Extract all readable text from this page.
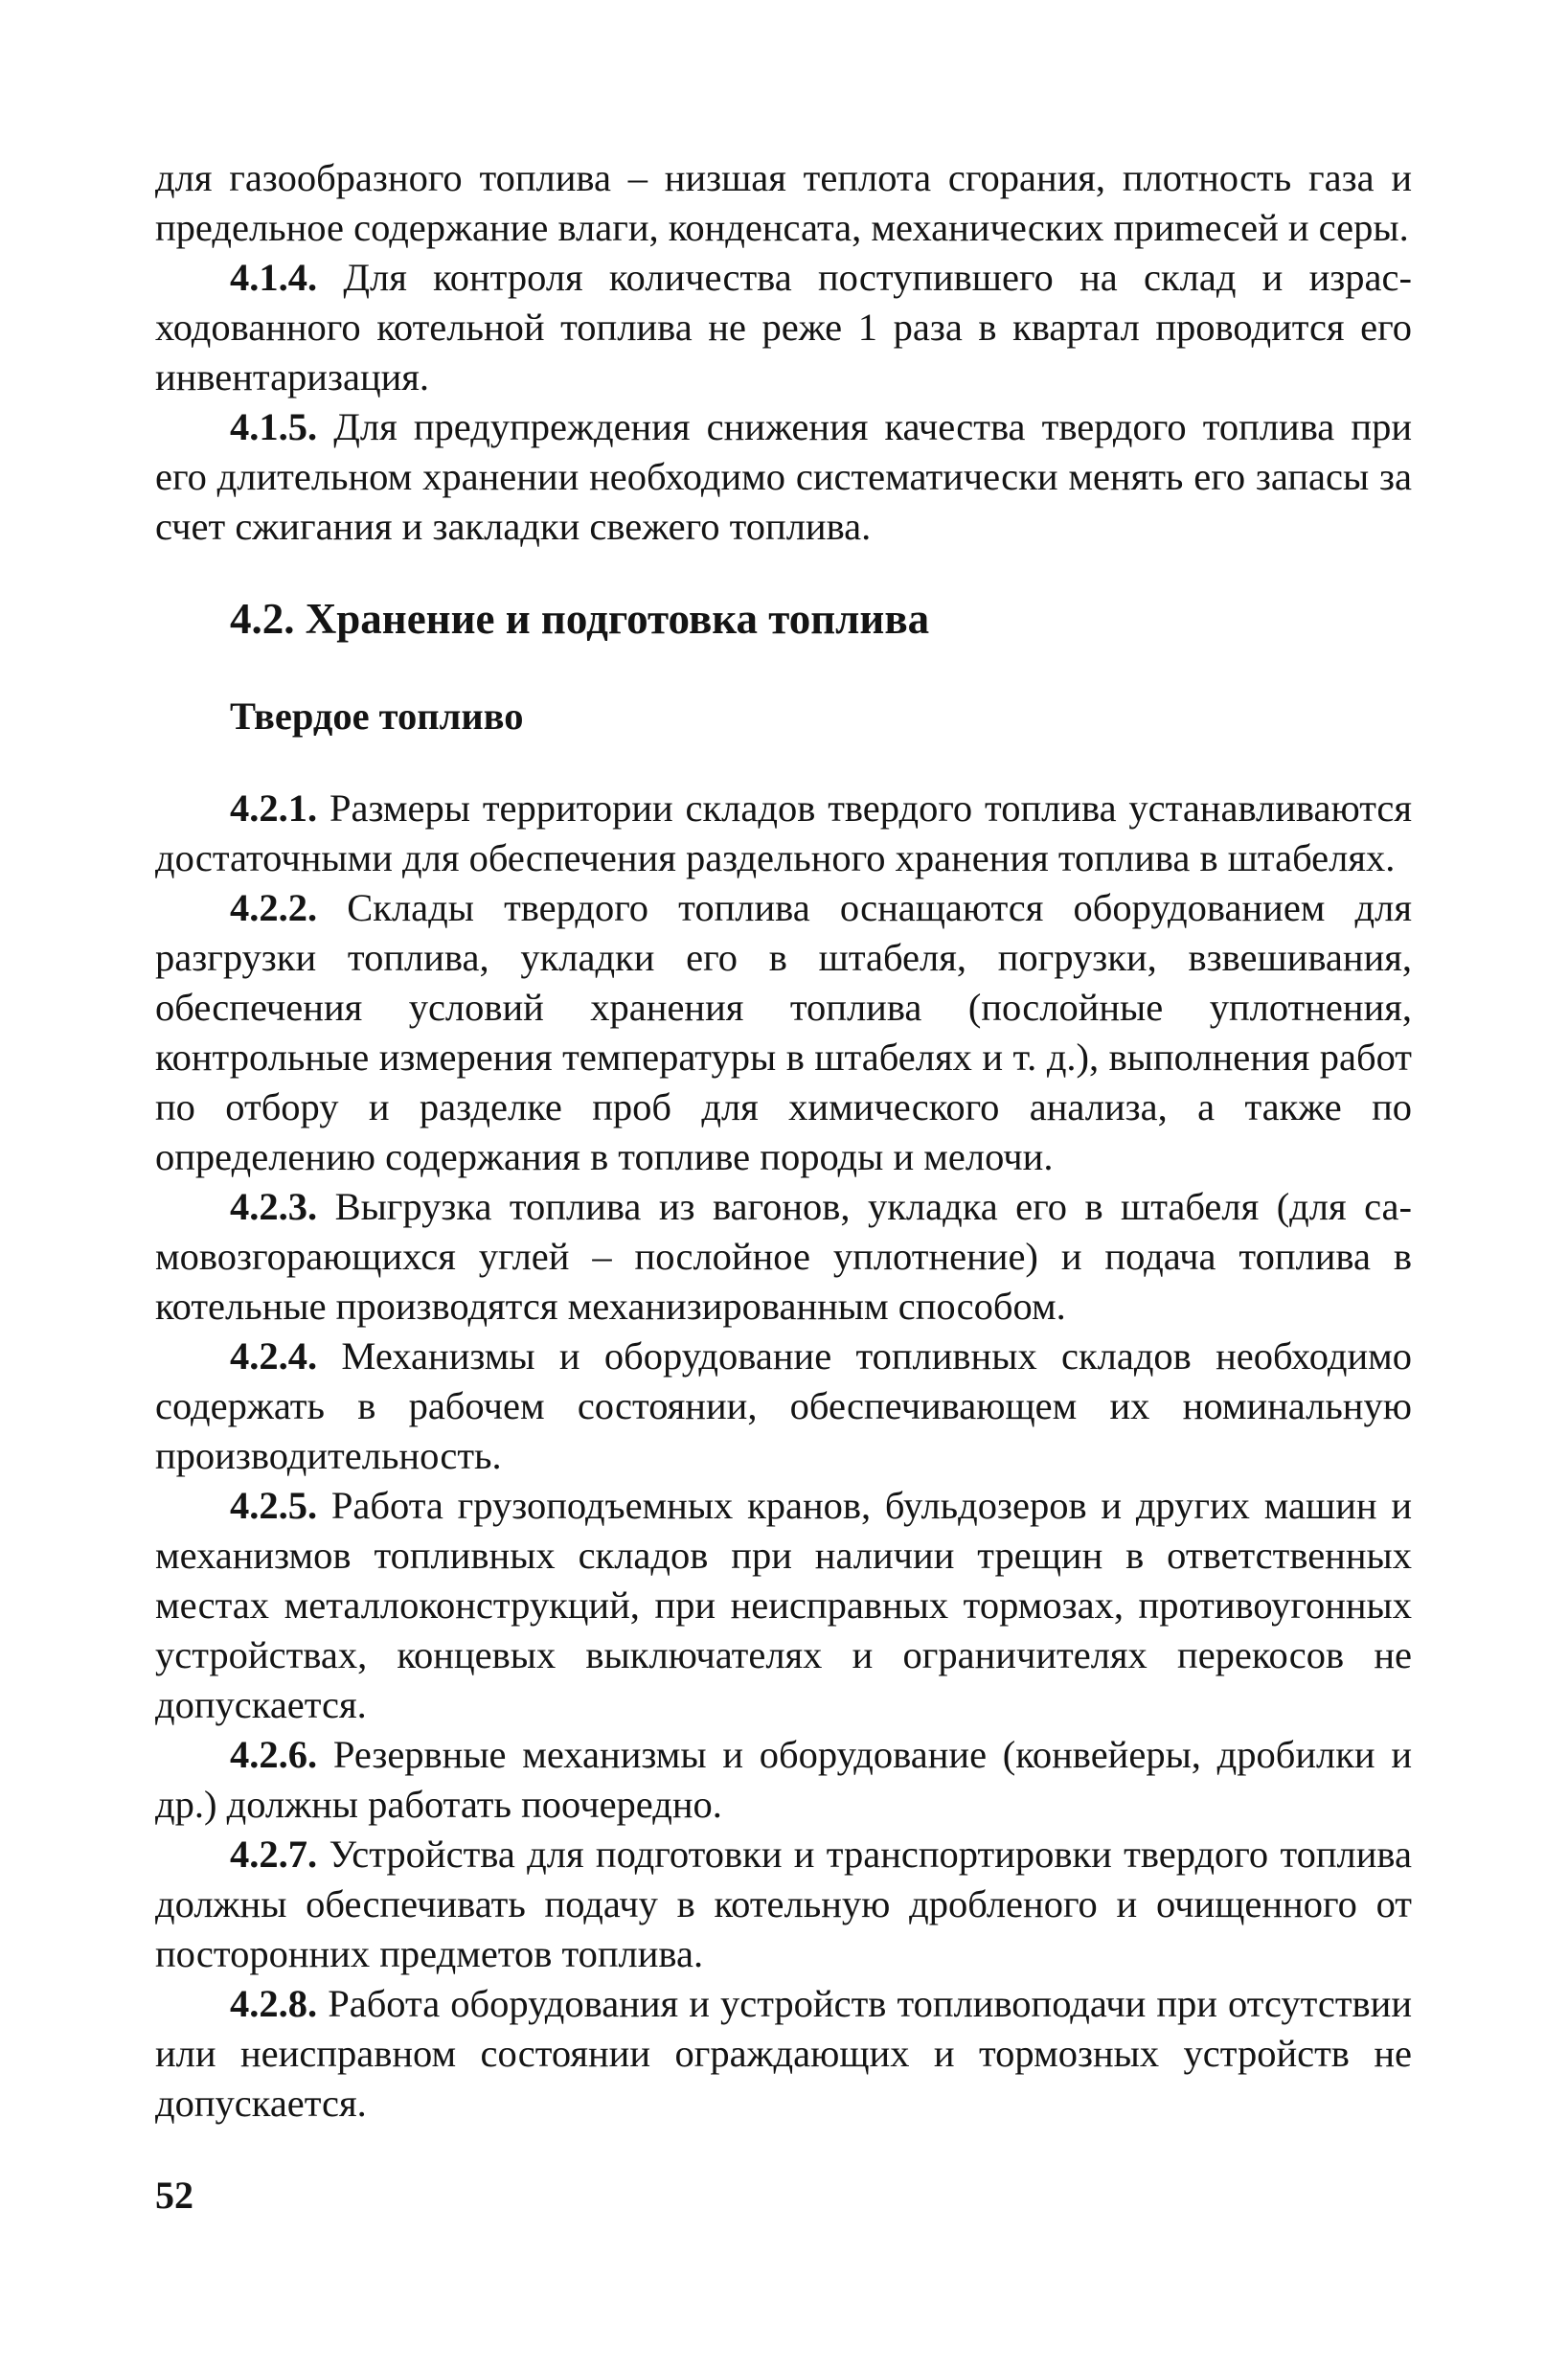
для газообразного топлива – низшая теплота сгорания, плотность газа и предельное содержание влаги, конденсата, механических приmесей и серы.

4.1.4. Для контроля количества поступившего на склад и израсходованного котельной топлива не реже 1 раза в квартал проводится его инвентаризация.

4.1.5. Для предупреждения снижения качества твердого топлива при его длительном хранении необходимо систематически менять его запасы за счет сжигания и закладки свежего топлива.

4.2. Хранение и подготовка топлива
Твердое топливо

4.2.1. Размеры территории складов твердого топлива устанавливаются достаточными для обеспечения раздельного хранения топлива в штабелях.

4.2.2. Склады твердого топлива оснащаются оборудованием для разгрузки топлива, укладки его в штабеля, погрузки, взвешивания, обеспечения условий хранения топлива (послойные уплотнения, контрольные измерения температуры в штабелях и т. д.), выполнения работ по отбору и разделке проб для химического анализа, а также по определению содержания в топливе породы и мелочи.

4.2.3. Выгрузка топлива из вагонов, укладка его в штабеля (для самовозгорающихся углей – послойное уплотнение) и подача топлива в котельные производятся механизированным способом.

4.2.4. Механизмы и оборудование топливных складов необходимо содержать в рабочем состоянии, обеспечивающем их номинальную производительность.

4.2.5. Работа грузоподъемных кранов, бульдозеров и других машин и механизмов топливных складов при наличии трещин в ответственных местах металлоконструкций, при неисправных тормозах, противоугонных устройствах, концевых выключателях и ограничителях перекосов не допускается.

4.2.6. Резервные механизмы и оборудование (конвейеры, дробилки и др.) должны работать поочередно.

4.2.7. Устройства для подготовки и транспортировки твердого топлива должны обеспечивать подачу в котельную дробленого и очищенного от посторонних предметов топлива.

4.2.8. Работа оборудования и устройств топливоподачи при отсутствии или неисправном состоянии ограждающих и тормозных устройств не допускается.

52
